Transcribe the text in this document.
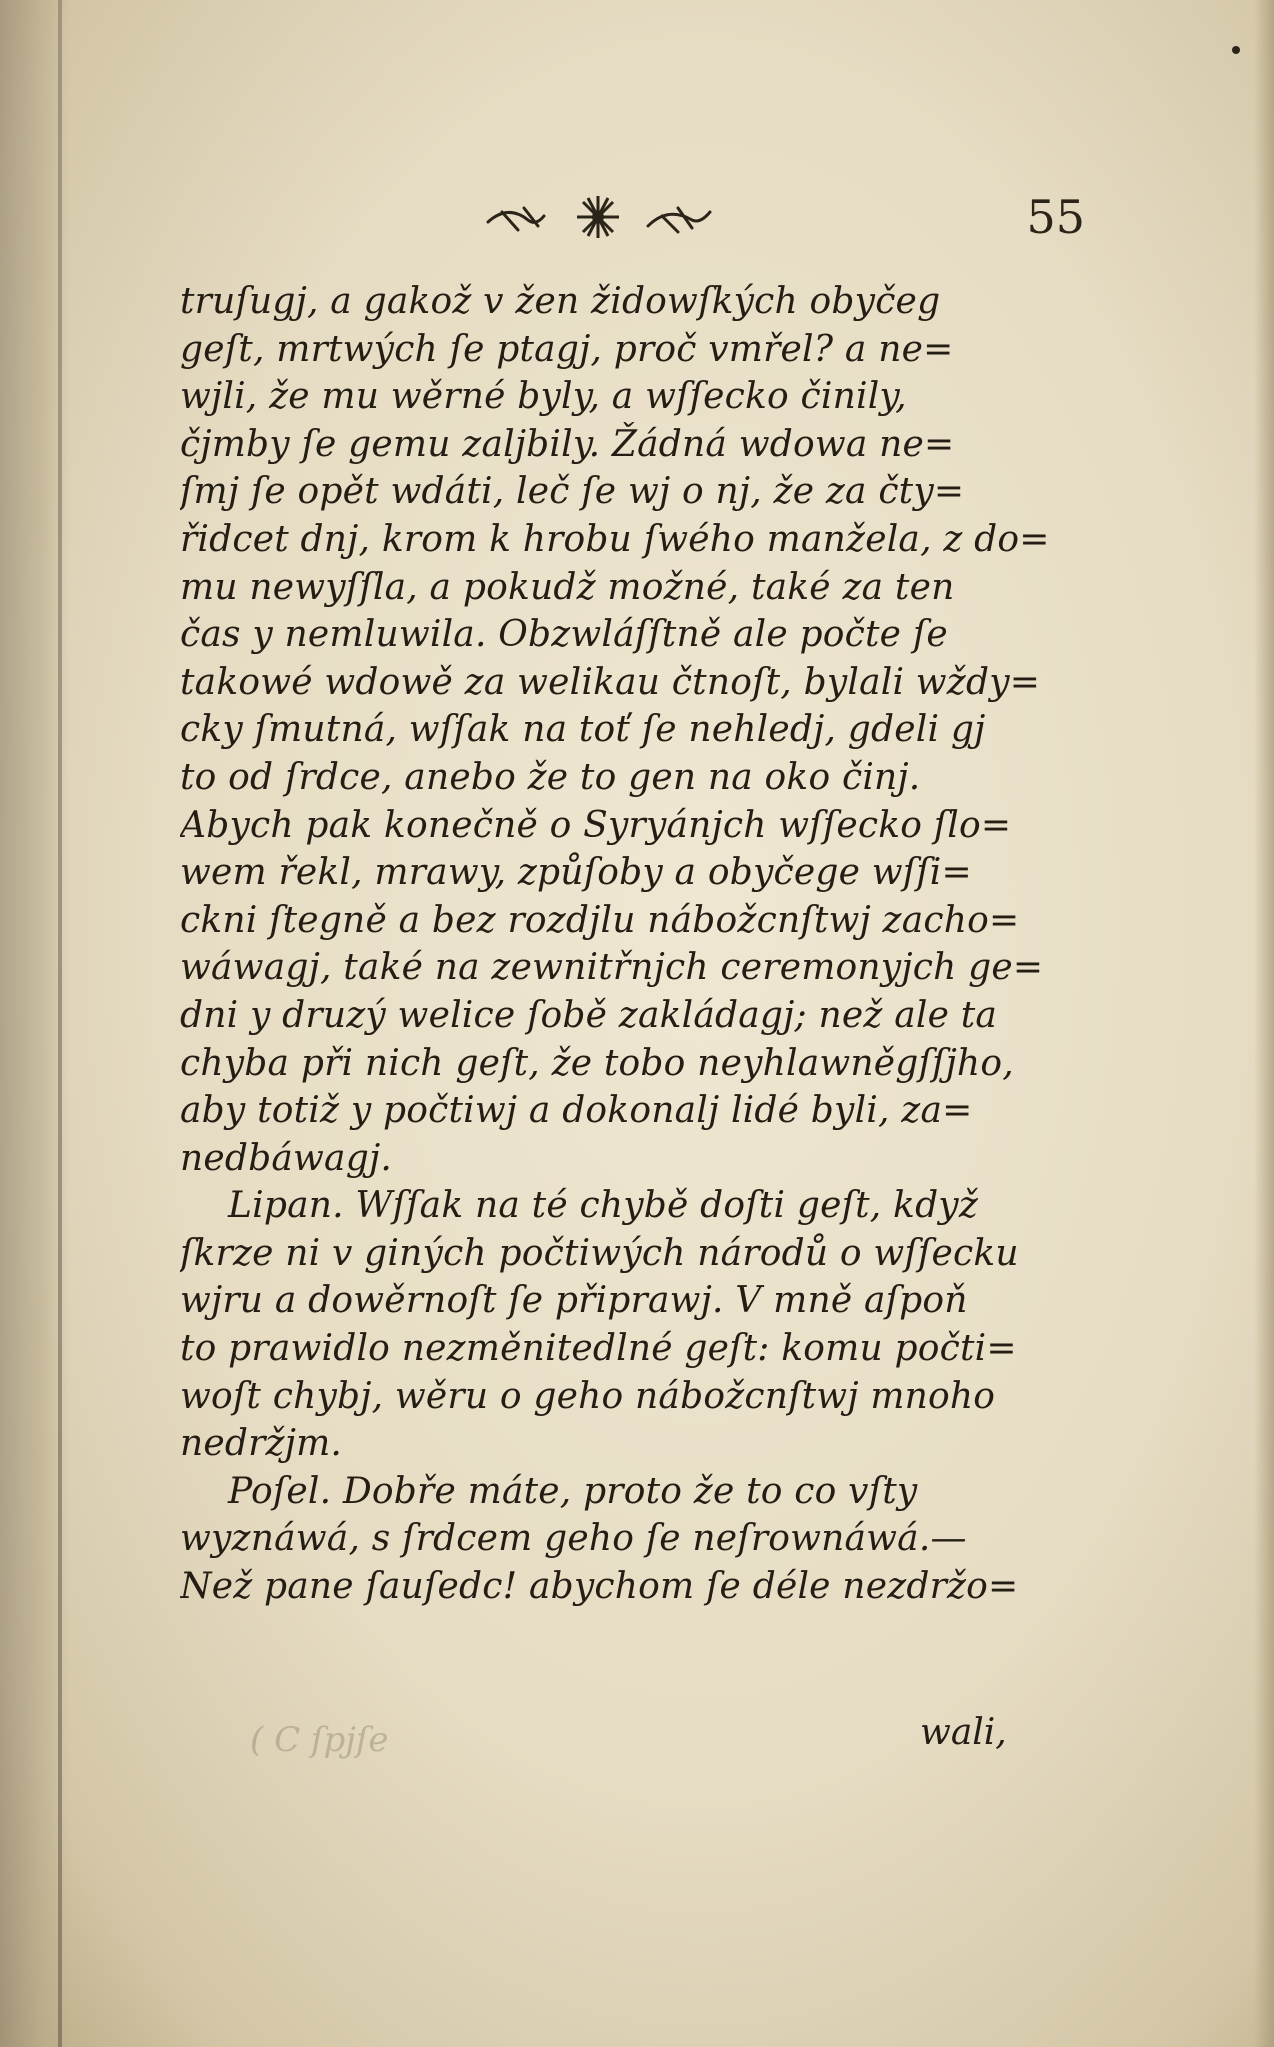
55
truſugj, a gakož v žen židowſkých obyčeg
geſt, mrtwých ſe ptagj, proč vmřel? a ne=
wjli, že mu wěrné byly, a wſſecko činily,
čjmby ſe gemu zaljbily. Žádná wdowa ne=
ſmj ſe opět wdáti, leč ſe wj o nj, že za čty=
řidcet dnj, krom k hrobu ſwého manžela, z do=
mu newyſſla, a pokudž možné, také za ten
čas y nemluwila. Obzwláſſtně ale počte ſe
takowé wdowě za welikau čtnoſt, bylali wždy=
cky ſmutná, wſſak na toť ſe nehledj, gdeli gj
to od ſrdce, anebo že to gen na oko činj.
Abych pak konečně o Syryánjch wſſecko ſlo=
wem řekl, mrawy, způſoby a obyčege wſſi=
ckni ſtegně a bez rozdjlu nábožcnſtwj zacho=
wáwagj, také na zewnitřnjch ceremonyjch ge=
dni y druzý welice ſobě zakládagj; než ale ta
chyba při nich geſt, že tobo neyhlawněgſſjho,
aby totiž y počtiwj a dokonalj lidé byli, za=
nedbáwagj.
Lipan. Wſſak na té chybě doſti geſt, když
ſkrze ni v giných počtiwých národů o wſſecku
wjru a dowěrnoſt ſe připrawj. V mně aſpoň
to prawidlo nezměnitedlné geſt: komu počti=
woſt chybj, wěru o geho nábožcnſtwj mnoho
nedržjm.
Poſel. Dobře máte, proto že to co vſty
wyznáwá, s ſrdcem geho ſe neſrownáwá.—
Než pane ſauſedc! abychom ſe déle nezdržo=
( C ſpjſe	wali,
